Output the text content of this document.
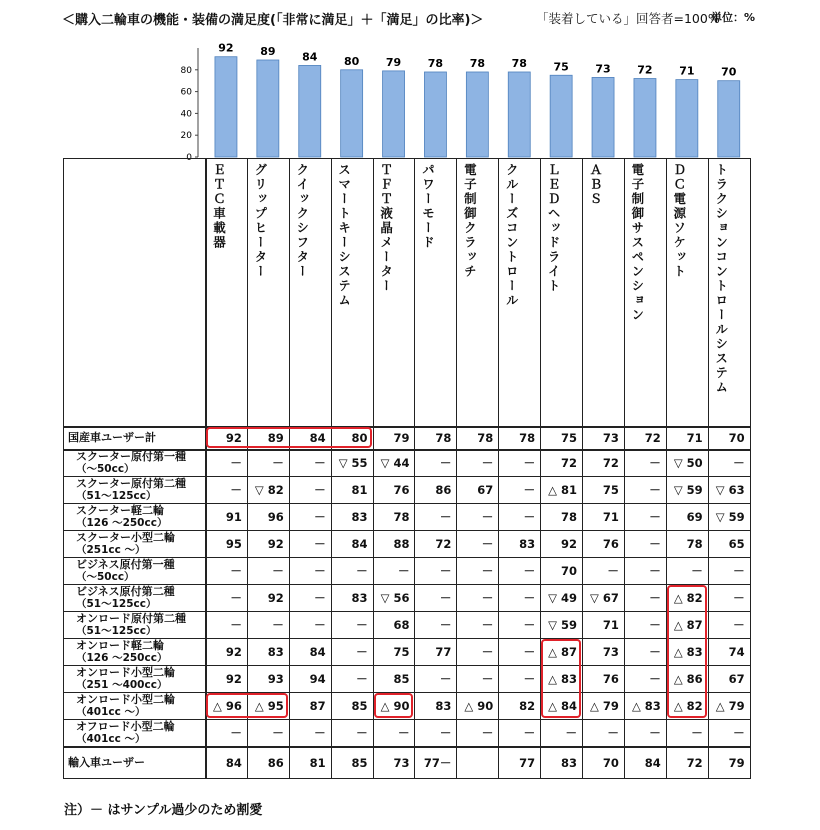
＜購入二輪車の機能・装備の満足度(「非常に満足」＋「満足」の比率)＞	「装着している」回答者=100%
単位：%
0
20
40
60
80
92 89 84 80 79 78 78 78 75 73 72 71 70

	ＥＴＣ車載器	グリップヒーター	クイックシフター	スマートキーシステム	ＴＦＴ液晶メーター	パワーモード	電子制御クラッチ	クルーズコントロール	ＬＥＤヘッドライト	ＡＢＳ	電子制御サスペンション	ＤＣ電源ソケット	トラクションコントロールシステム

国産車ユーザー計	92	89	84	80	79	78	78	78	75	73	72	71	70
スクーター原付第一種
（～50cc）	－	－	－	▽ 55	▽ 44	－	－	－	72	72	－	▽ 50	－
スクーター原付第二種
（51～125cc）	－	▽ 82	－	81	76	86	67	－	△ 81	75	－	▽ 59	▽ 63
スクーター軽二輪
（126 ～250cc）	91	96	－	83	78	－	－	－	78	71	－	69	▽ 59
スクーター小型二輪
（251cc ～）	95	92	－	84	88	72	－	83	92	76	－	78	65
ビジネス原付第一種
（～50cc）	－	－	－	－	－	－	－	－	70	－	－	－	－
ビジネス原付第二種
（51～125cc）	－	92	－	83	▽ 56	－	－	－	▽ 49	▽ 67	－	△ 82	－
オンロード原付第二種
（51～125cc）	－	－	－	－	68	－	－	－	▽ 59	71	－	△ 87	－
オンロード軽二輪
（126 ～250cc）	92	83	84	－	75	77	－	－	△ 87	73	－	△ 83	74
オンロード小型二輪
（251 ～400cc）	92	93	94	－	85	－	－	－	△ 83	76	－	△ 86	67
オンロード小型二輪
（401cc ～）	△ 96	△ 95	87	85	△ 90	83	△ 90	82	△ 84	△ 79	△ 83	△ 82	△ 79
オフロード小型二輪
（401cc ～）	－	－	－	－	－	－	－	－	－	－	－	－	－
輸入車ユーザー	84	86	81	85	73	77－		77	83	70	84	72	79
注）－ はサンプル過少のため割愛
